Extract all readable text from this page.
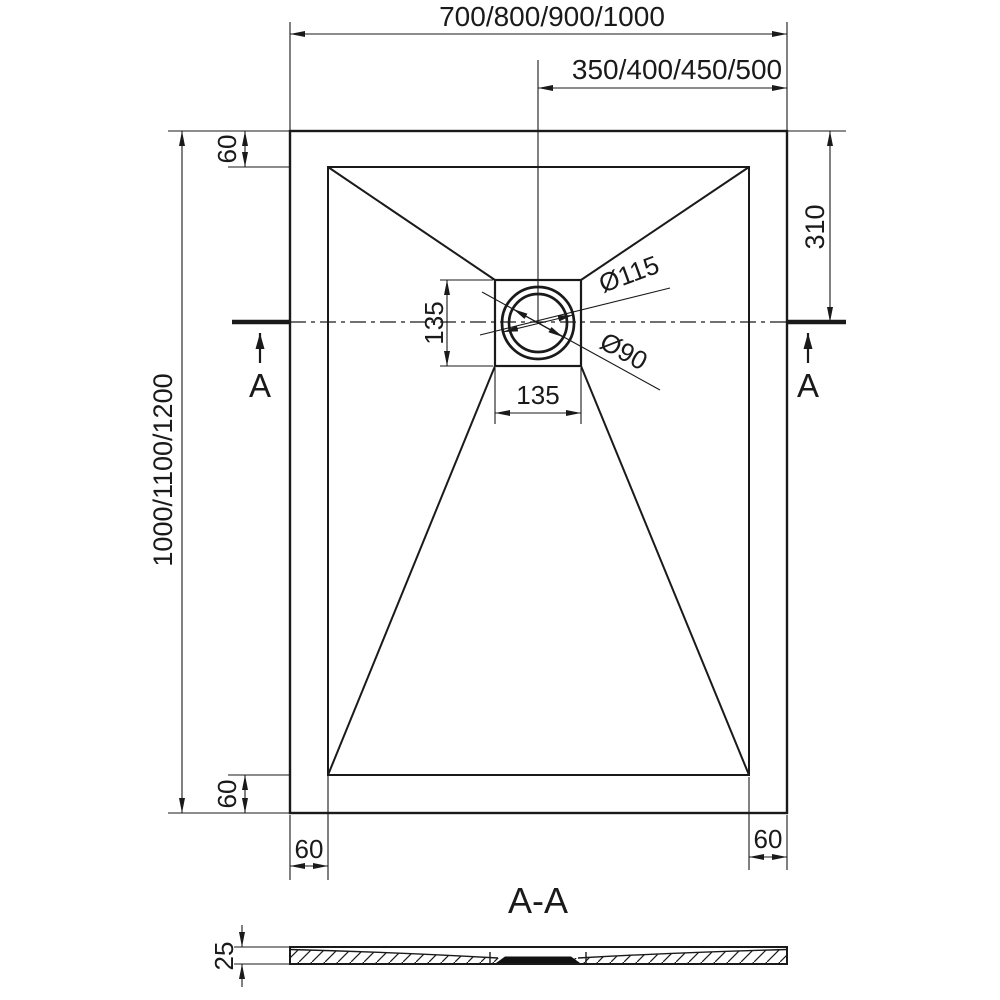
700/800/900/1000
350/400/450/500
1000/1100/1200
60
60
310
135
135
60	60
Ø115
Ø90
A	A
A-A
25
